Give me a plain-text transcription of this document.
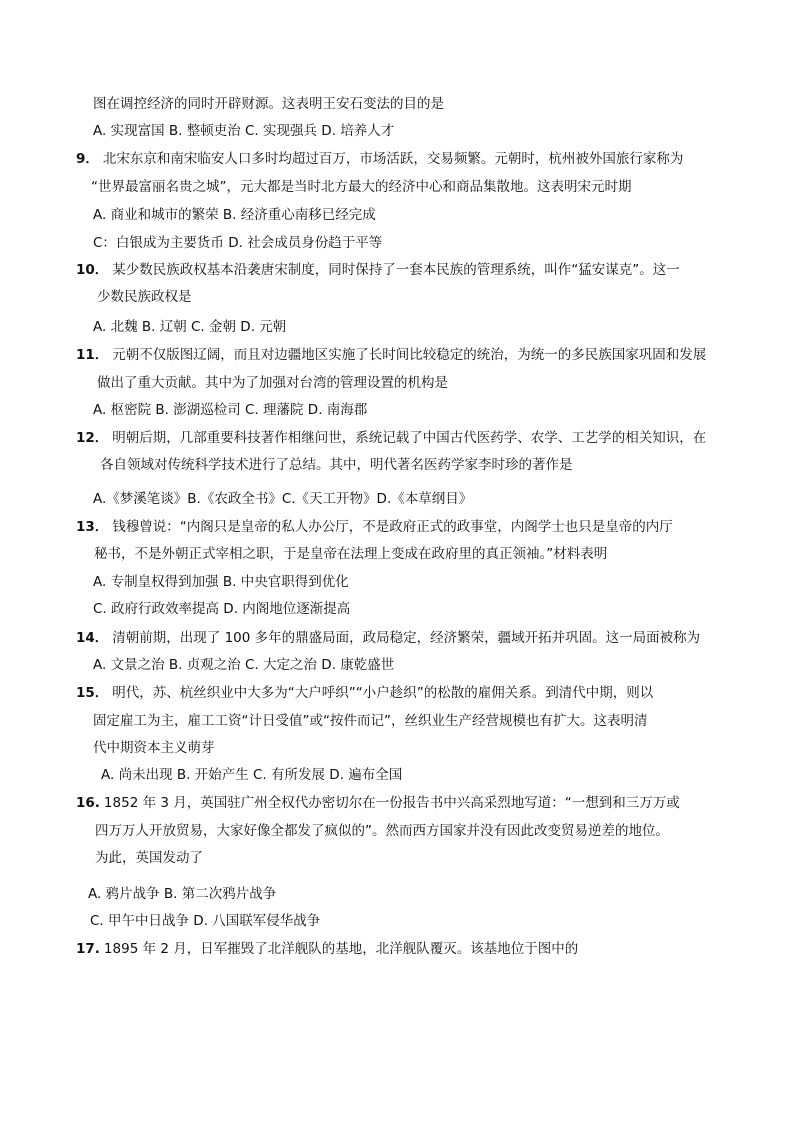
图在调控经济的同时开辟财源。这表明王安石变法的目的是
A. 实现富国 B. 整顿吏治 C. 实现强兵 D. 培养人才
9． 北宋东京和南宋临安人口多时均超过百万，市场活跃，交易频繁。元朝时，杭州被外国旅行家称为
“世界最富丽名贵之城”，元大都是当时北方最大的经济中心和商品集散地。这表明宋元时期
A. 商业和城市的繁荣 B. 经济重心南移已经完成
C：白银成为主要货币 D. 社会成员身份趋于平等
10． 某少数民族政权基本沿袭唐宋制度，同时保持了一套本民族的管理系统，叫作“猛安谋克”。这一
少数民族政权是
A. 北魏 B. 辽朝 C. 金朝 D. 元朝
11． 元朝不仅版图辽阔，而且对边疆地区实施了长时间比较稳定的统治，为统一的多民族国家巩固和发展
做出了重大贡献。其中为了加强对台湾的管理设置的机构是
A. 枢密院 B. 澎湖巡检司 C. 理藩院 D. 南海郡
12． 明朝后期，几部重要科技著作相继问世，系统记载了中国古代医药学、农学、工艺学的相关知识，在
各自领域对传统科学技术进行了总结。其中，明代著名医药学家李时珍的著作是
A.《梦溪笔谈》B.《农政全书》C.《天工开物》D.《本草纲目》
13． 钱穆曾说：“内阁只是皇帝的私人办公厅，不是政府正式的政事堂，内阁学士也只是皇帝的内厅
秘书，不是外朝正式宰相之职，于是皇帝在法理上变成在政府里的真正领袖。”材料表明
A. 专制皇权得到加强 B. 中央官职得到优化
C. 政府行政效率提高 D. 内阁地位逐渐提高
14． 清朝前期，出现了 100 多年的鼎盛局面，政局稳定，经济繁荣，疆域开拓并巩固。这一局面被称为
A. 文景之治 B. 贞观之治 C. 大定之治 D. 康乾盛世
15． 明代，苏、杭丝织业中大多为“大户呼织”“小户趁织”的松散的雇佣关系。到清代中期，则以
固定雇工为主，雇工工资“计日受值”或“按件而记”，丝织业生产经营规模也有扩大。这表明清
代中期资本主义萌芽
A. 尚未出现 B. 开始产生 C. 有所发展 D. 遍布全国
16. 1852 年 3 月，英国驻广州全权代办密切尔在一份报告书中兴高采烈地写道：“一想到和三万万或
四万万人开放贸易，大家好像全都发了疯似的”。然而西方国家并没有因此改变贸易逆差的地位。
为此，英国发动了
A. 鸦片战争 B. 第二次鸦片战争
C. 甲午中日战争 D. 八国联军侵华战争
17. 1895 年 2 月，日军摧毁了北洋舰队的基地，北洋舰队覆灭。该基地位于图中的
